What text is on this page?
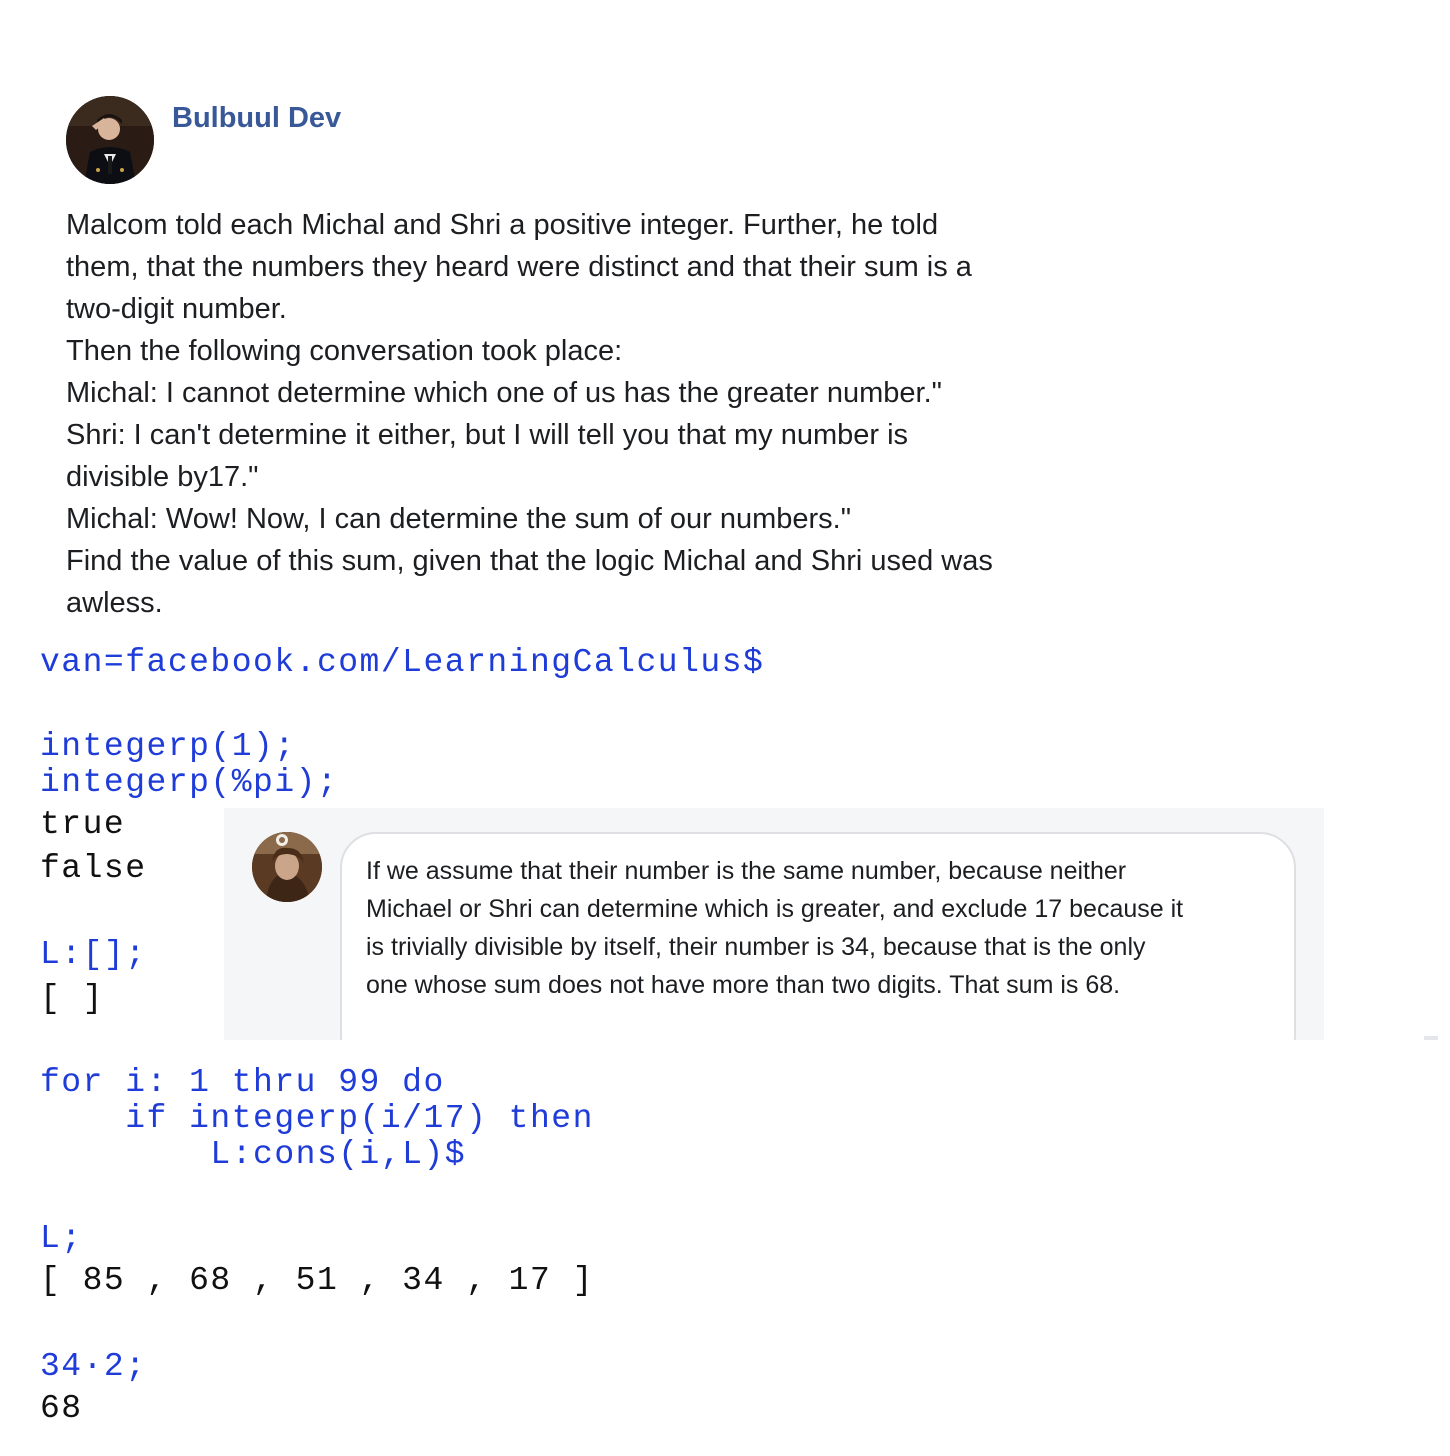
Bulbuul Dev
Malcom told each Michal and Shri a positive integer. Further, he told
them, that the numbers they heard were distinct and that their sum is a
two-digit number.
Then the following conversation took place:
Michal: I cannot determine which one of us has the greater number."
Shri: I can't determine it either, but I will tell you that my number is
divisible by17."
Michal: Wow! Now, I can determine the sum of our numbers."
Find the value of this sum, given that the logic Michal and Shri used was
awless.
van=facebook.com/LearningCalculus$
integerp(1);
integerp(%pi);
true
false
L:[];
[ ]
for i: 1 thru 99 do
if integerp(i/17) then
L:cons(i,L)$
L;
[ 85 , 68 , 51 , 34 , 17 ]
34·2;
68
If we assume that their number is the same number, because neither
Michael or Shri can determine which is greater, and exclude 17 because it
is trivially divisible by itself, their number is 34, because that is the only
one whose sum does not have more than two digits. That sum is 68.
